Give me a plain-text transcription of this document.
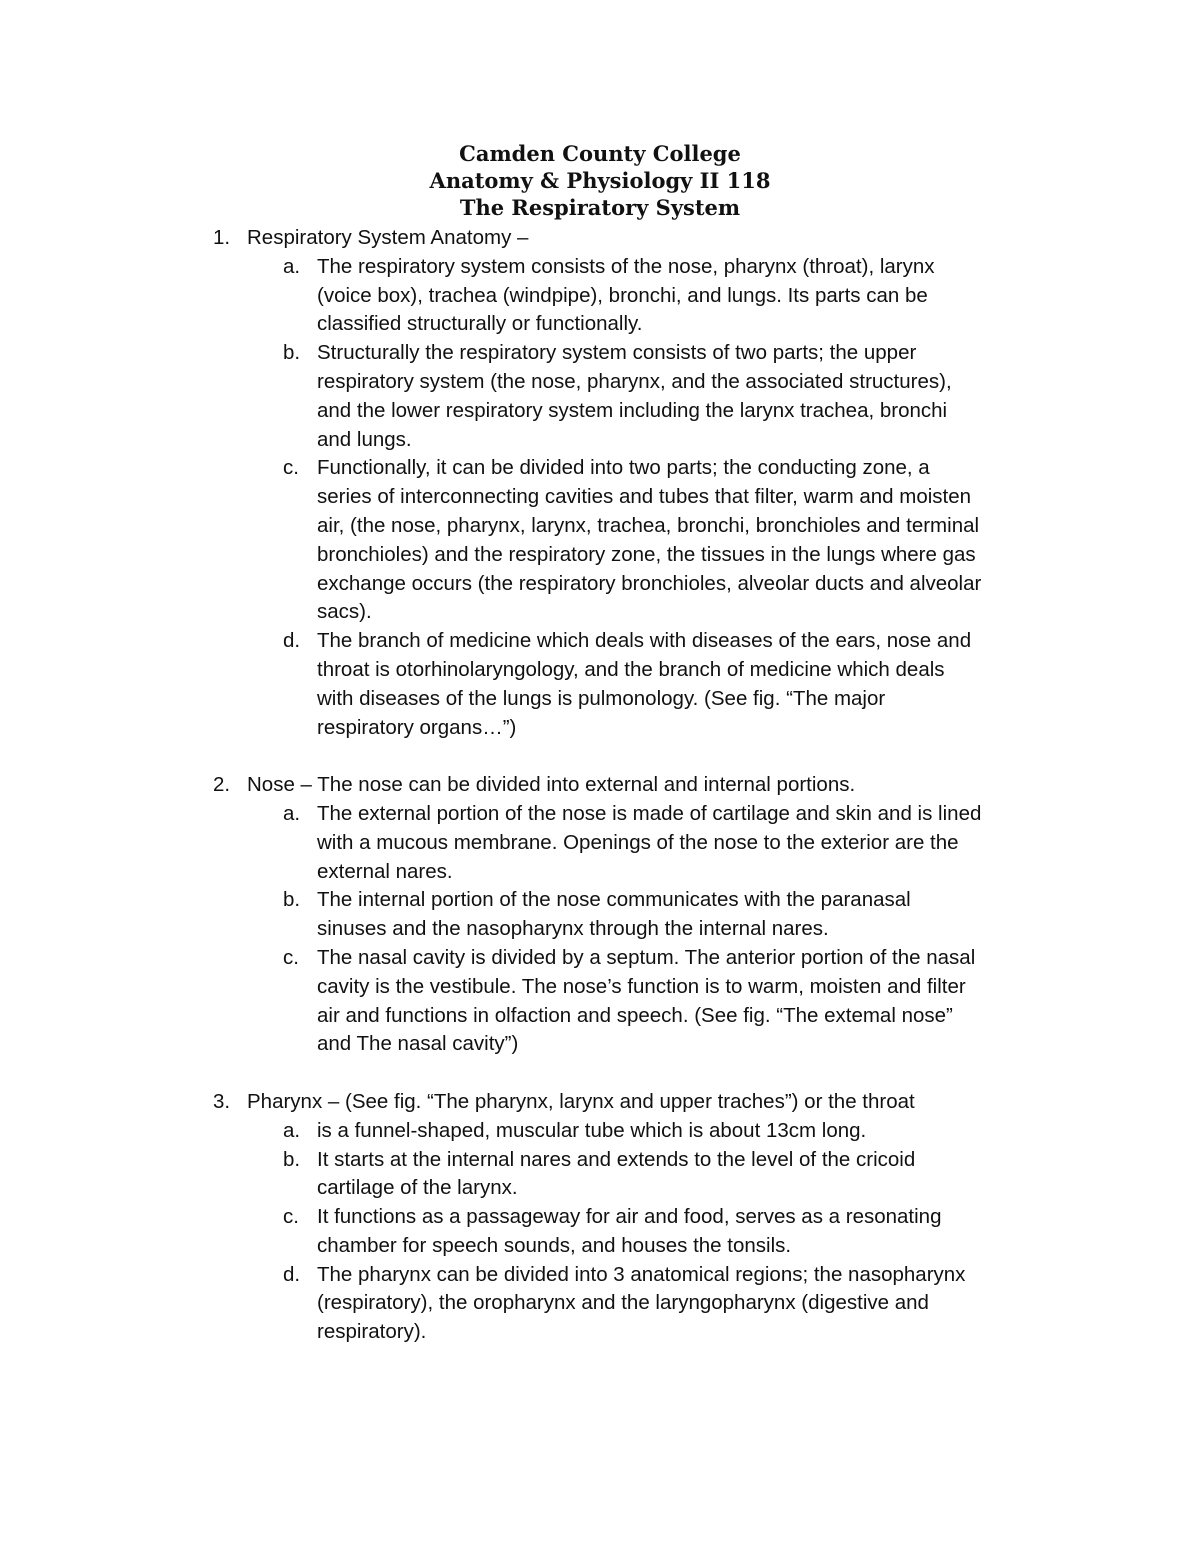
Camden County College
Anatomy & Physiology II 118
The Respiratory System
1. Respiratory System Anatomy –
a. The respiratory system consists of the nose, pharynx (throat), larynx
(voice box), trachea (windpipe), bronchi, and lungs. Its parts can be
classified structurally or functionally.
b. Structurally the respiratory system consists of two parts; the upper
respiratory system (the nose, pharynx, and the associated structures),
and the lower respiratory system including the larynx trachea, bronchi
and lungs.
c. Functionally, it can be divided into two parts; the conducting zone, a
series of interconnecting cavities and tubes that filter, warm and moisten
air, (the nose, pharynx, larynx, trachea, bronchi, bronchioles and terminal
bronchioles) and the respiratory zone, the tissues in the lungs where gas
exchange occurs (the respiratory bronchioles, alveolar ducts and alveolar
sacs).
d. The branch of medicine which deals with diseases of the ears, nose and
throat is otorhinolaryngology, and the branch of medicine which deals
with diseases of the lungs is pulmonology. (See fig. “The major
respiratory organs…”)
2. Nose – The nose can be divided into external and internal portions.
a. The external portion of the nose is made of cartilage and skin and is lined
with a mucous membrane. Openings of the nose to the exterior are the
external nares.
b. The internal portion of the nose communicates with the paranasal
sinuses and the nasopharynx through the internal nares.
c. The nasal cavity is divided by a septum. The anterior portion of the nasal
cavity is the vestibule. The nose’s function is to warm, moisten and filter
air and functions in olfaction and speech. (See fig. “The extemal nose”
and The nasal cavity”)
3. Pharynx – (See fig. “The pharynx, larynx and upper traches”) or the throat
a. is a funnel-shaped, muscular tube which is about 13cm long.
b. It starts at the internal nares and extends to the level of the cricoid
cartilage of the larynx.
c. It functions as a passageway for air and food, serves as a resonating
chamber for speech sounds, and houses the tonsils.
d. The pharynx can be divided into 3 anatomical regions; the nasopharynx
(respiratory), the oropharynx and the laryngopharynx (digestive and
respiratory).
